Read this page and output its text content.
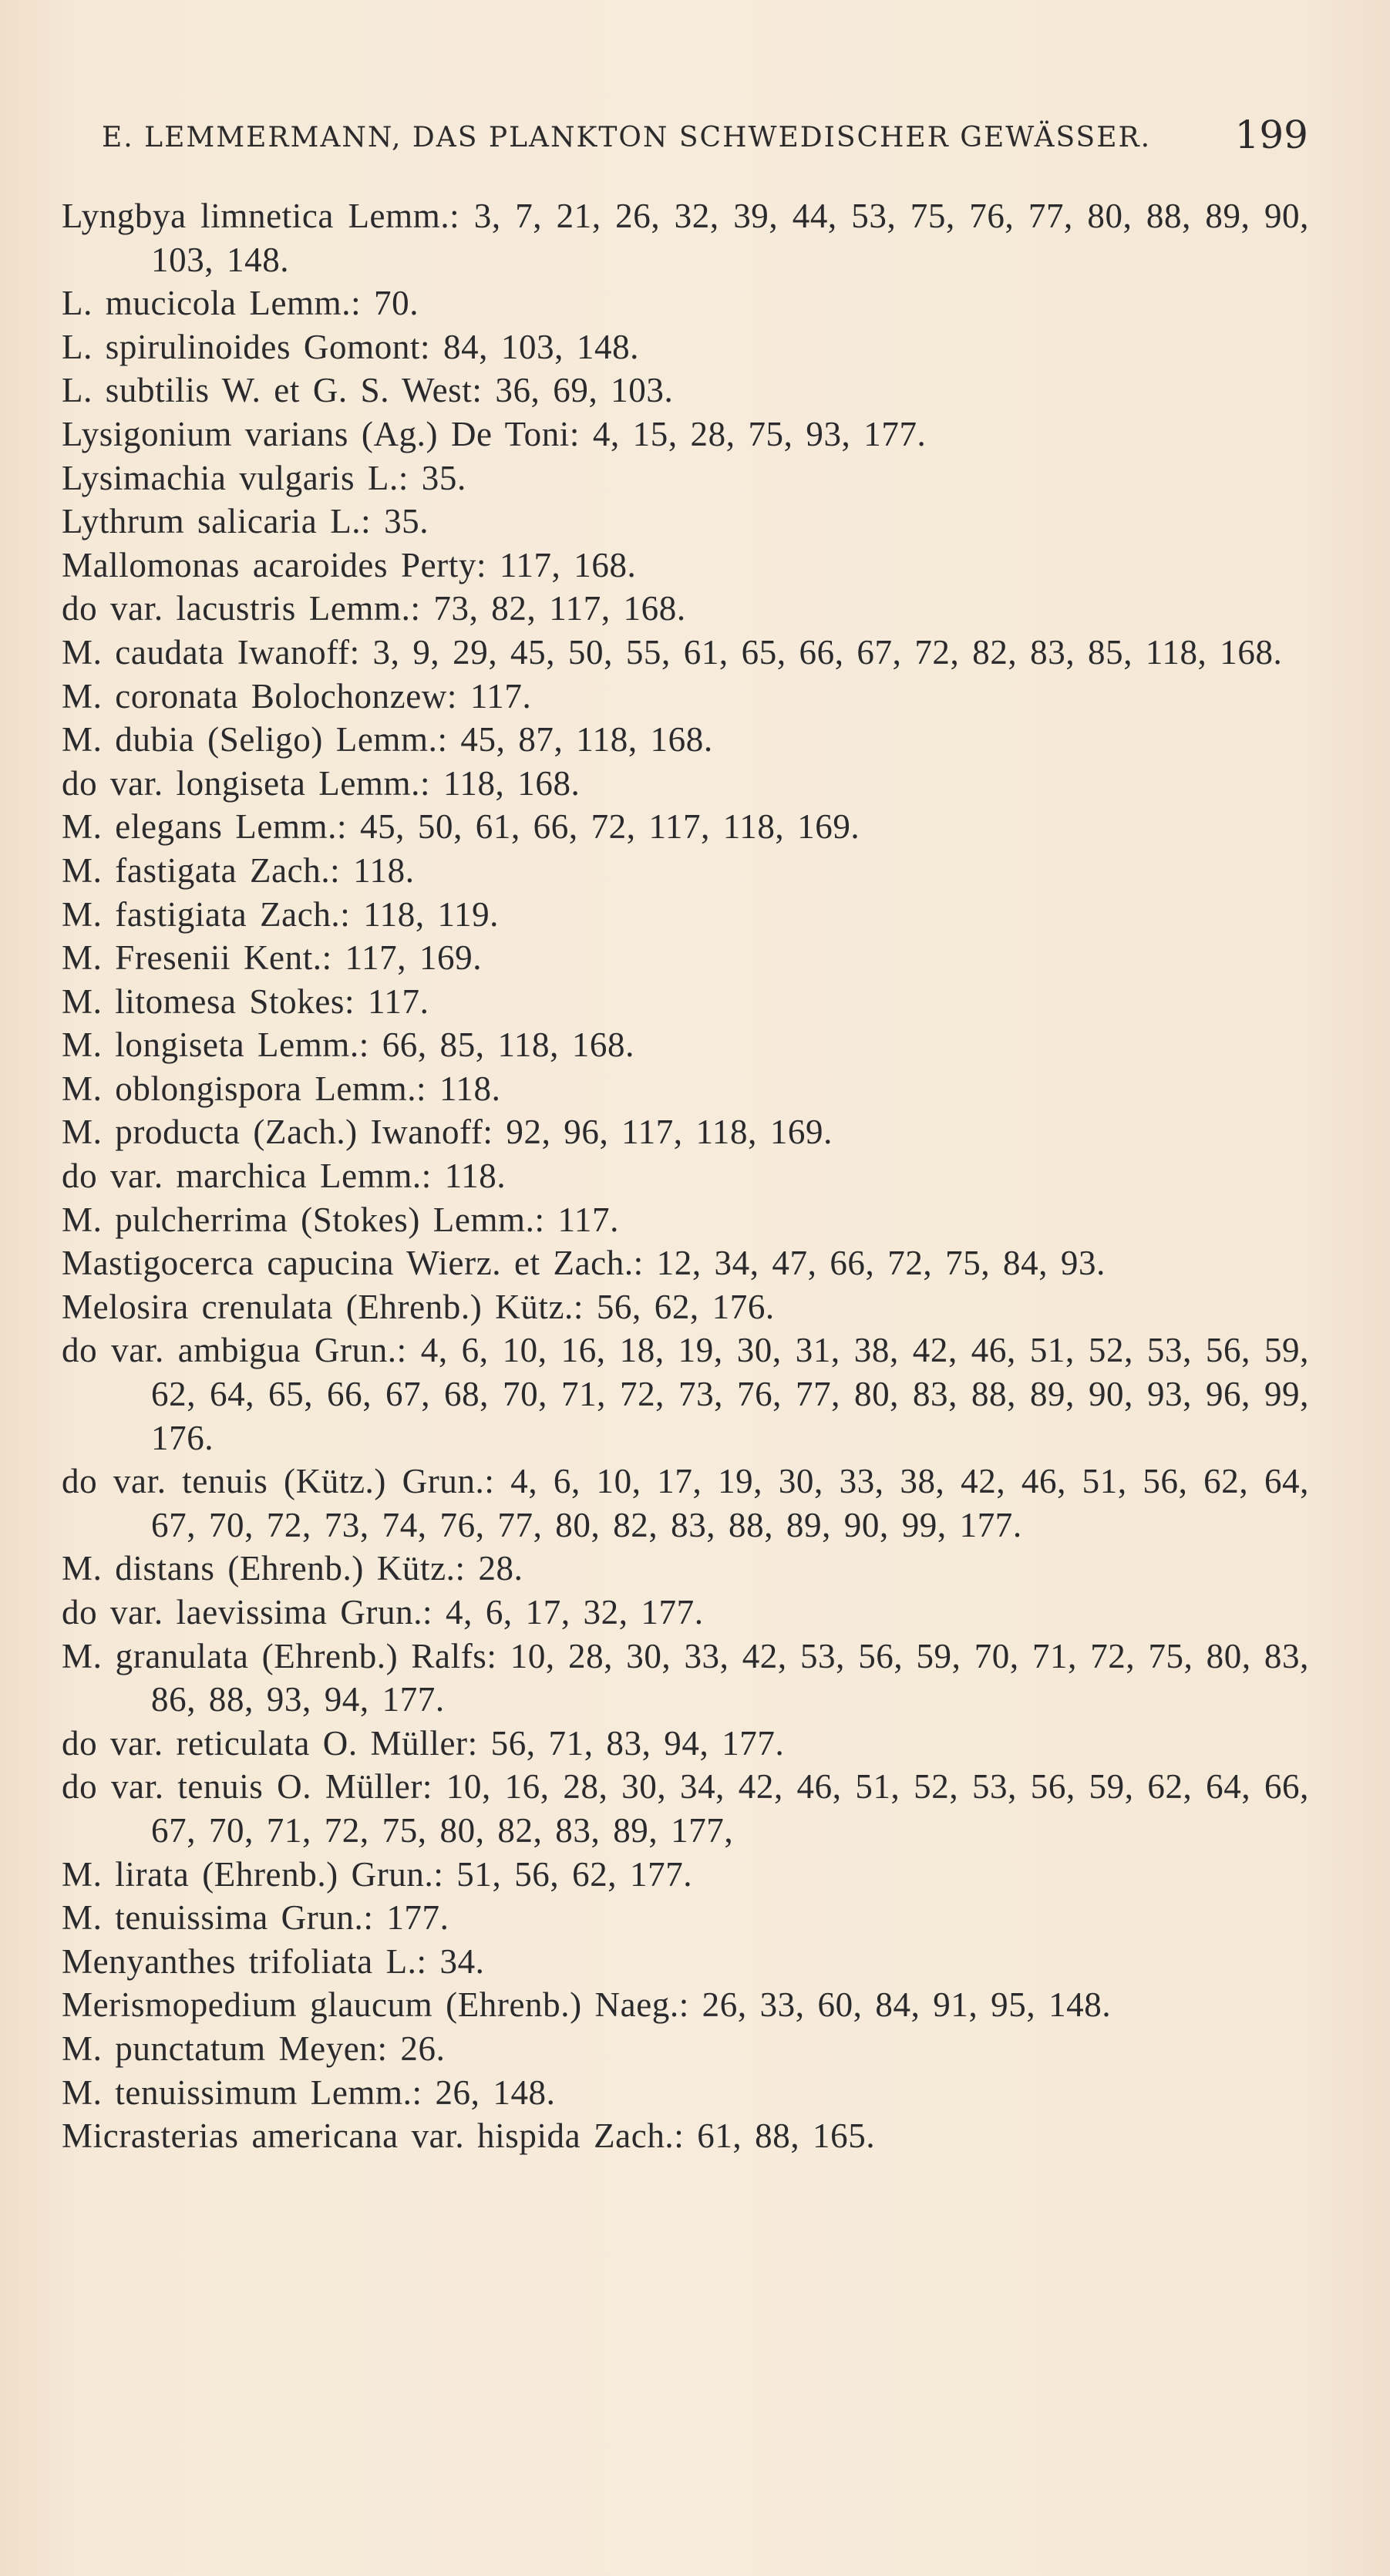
E. LEMMERMANN, DAS PLANKTON SCHWEDISCHER GEWÄSSER. 199
Lyngbya limnetica Lemm.: 3, 7, 21, 26, 32, 39, 44, 53, 75, 76, 77, 80, 88, 89, 90, 103, 148.
L. mucicola Lemm.: 70.
L. spirulinoides Gomont: 84, 103, 148.
L. subtilis W. et G. S. West: 36, 69, 103.
Lysigonium varians (Ag.) De Toni: 4, 15, 28, 75, 93, 177.
Lysimachia vulgaris L.: 35.
Lythrum salicaria L.: 35.
Mallomonas acaroides Perty: 117, 168.
do var. lacustris Lemm.: 73, 82, 117, 168.
M. caudata Iwanoff: 3, 9, 29, 45, 50, 55, 61, 65, 66, 67, 72, 82, 83, 85, 118, 168.
M. coronata Bolochonzew: 117.
M. dubia (Seligo) Lemm.: 45, 87, 118, 168.
do var. longiseta Lemm.: 118, 168.
M. elegans Lemm.: 45, 50, 61, 66, 72, 117, 118, 169.
M. fastigata Zach.: 118.
M. fastigiata Zach.: 118, 119.
M. Fresenii Kent.: 117, 169.
M. litomesa Stokes: 117.
M. longiseta Lemm.: 66, 85, 118, 168.
M. oblongispora Lemm.: 118.
M. producta (Zach.) Iwanoff: 92, 96, 117, 118, 169.
do var. marchica Lemm.: 118.
M. pulcherrima (Stokes) Lemm.: 117.
Mastigocerca capucina Wierz. et Zach.: 12, 34, 47, 66, 72, 75, 84, 93.
Melosira crenulata (Ehrenb.) Kütz.: 56, 62, 176.
do var. ambigua Grun.: 4, 6, 10, 16, 18, 19, 30, 31, 38, 42, 46, 51, 52, 53, 56, 59, 62, 64, 65, 66, 67, 68, 70, 71, 72, 73, 76, 77, 80, 83, 88, 89, 90, 93, 96, 99, 176.
do var. tenuis (Kütz.) Grun.: 4, 6, 10, 17, 19, 30, 33, 38, 42, 46, 51, 56, 62, 64, 67, 70, 72, 73, 74, 76, 77, 80, 82, 83, 88, 89, 90, 99, 177.
M. distans (Ehrenb.) Kütz.: 28.
do var. laevissima Grun.: 4, 6, 17, 32, 177.
M. granulata (Ehrenb.) Ralfs: 10, 28, 30, 33, 42, 53, 56, 59, 70, 71, 72, 75, 80, 83, 86, 88, 93, 94, 177.
do var. reticulata O. Müller: 56, 71, 83, 94, 177.
do var. tenuis O. Müller: 10, 16, 28, 30, 34, 42, 46, 51, 52, 53, 56, 59, 62, 64, 66, 67, 70, 71, 72, 75, 80, 82, 83, 89, 177,
M. lirata (Ehrenb.) Grun.: 51, 56, 62, 177.
M. tenuissima Grun.: 177.
Menyanthes trifoliata L.: 34.
Merismopedium glaucum (Ehrenb.) Naeg.: 26, 33, 60, 84, 91, 95, 148.
M. punctatum Meyen: 26.
M. tenuissimum Lemm.: 26, 148.
Micrasterias americana var. hispida Zach.: 61, 88, 165.
